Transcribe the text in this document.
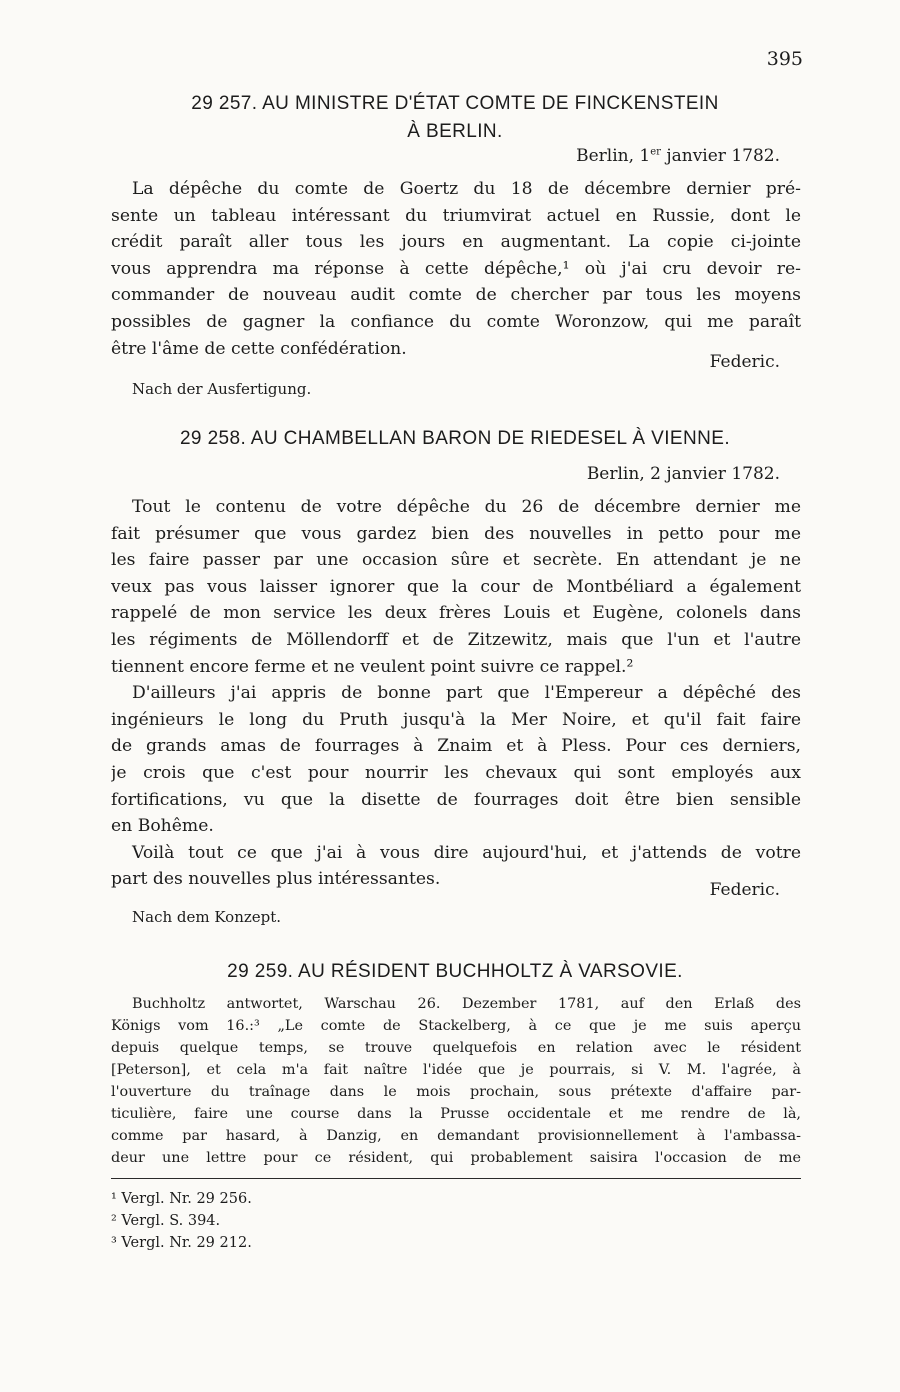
395
29 257. AU MINISTRE D'ÉTAT COMTE DE FINCKENSTEIN
À BERLIN.
Berlin, 1er janvier 1782.
La dépêche du comte de Goertz du 18 de décembre dernier pré-
sente un tableau intéressant du triumvirat actuel en Russie, dont le
crédit paraît aller tous les jours en augmentant. La copie ci-jointe
vous apprendra ma réponse à cette dépêche,¹ où j'ai cru devoir re-
commander de nouveau audit comte de chercher par tous les moyens
possibles de gagner la confiance du comte Woronzow, qui me paraît
être l'âme de cette confédération.
Federic.
Nach der Ausfertigung.
29 258. AU CHAMBELLAN BARON DE RIEDESEL À VIENNE.
Berlin, 2 janvier 1782.
Tout le contenu de votre dépêche du 26 de décembre dernier me
fait présumer que vous gardez bien des nouvelles in petto pour me
les faire passer par une occasion sûre et secrète. En attendant je ne
veux pas vous laisser ignorer que la cour de Montbéliard a également
rappelé de mon service les deux frères Louis et Eugène, colonels dans
les régiments de Möllendorff et de Zitzewitz, mais que l'un et l'autre
tiennent encore ferme et ne veulent point suivre ce rappel.²
D'ailleurs j'ai appris de bonne part que l'Empereur a dépêché des
ingénieurs le long du Pruth jusqu'à la Mer Noire, et qu'il fait faire
de grands amas de fourrages à Znaim et à Pless. Pour ces derniers,
je crois que c'est pour nourrir les chevaux qui sont employés aux
fortifications, vu que la disette de fourrages doit être bien sensible
en Bohême.
Voilà tout ce que j'ai à vous dire aujourd'hui, et j'attends de votre
part des nouvelles plus intéressantes.
Federic.
Nach dem Konzept.
29 259. AU RÉSIDENT BUCHHOLTZ À VARSOVIE.
Buchholtz antwortet, Warschau 26. Dezember 1781, auf den Erlaß des
Königs vom 16.:³ „Le comte de Stackelberg, à ce que je me suis aperçu
depuis quelque temps, se trouve quelquefois en relation avec le résident
[Peterson], et cela m'a fait naître l'idée que je pourrais, si V. M. l'agrée, à
l'ouverture du traînage dans le mois prochain, sous prétexte d'affaire par-
ticulière, faire une course dans la Prusse occidentale et me rendre de là,
comme par hasard, à Danzig, en demandant provisionnellement à l'ambassa-
deur une lettre pour ce résident, qui probablement saisira l'occasion de me
¹ Vergl. Nr. 29 256.
² Vergl. S. 394.
³ Vergl. Nr. 29 212.
